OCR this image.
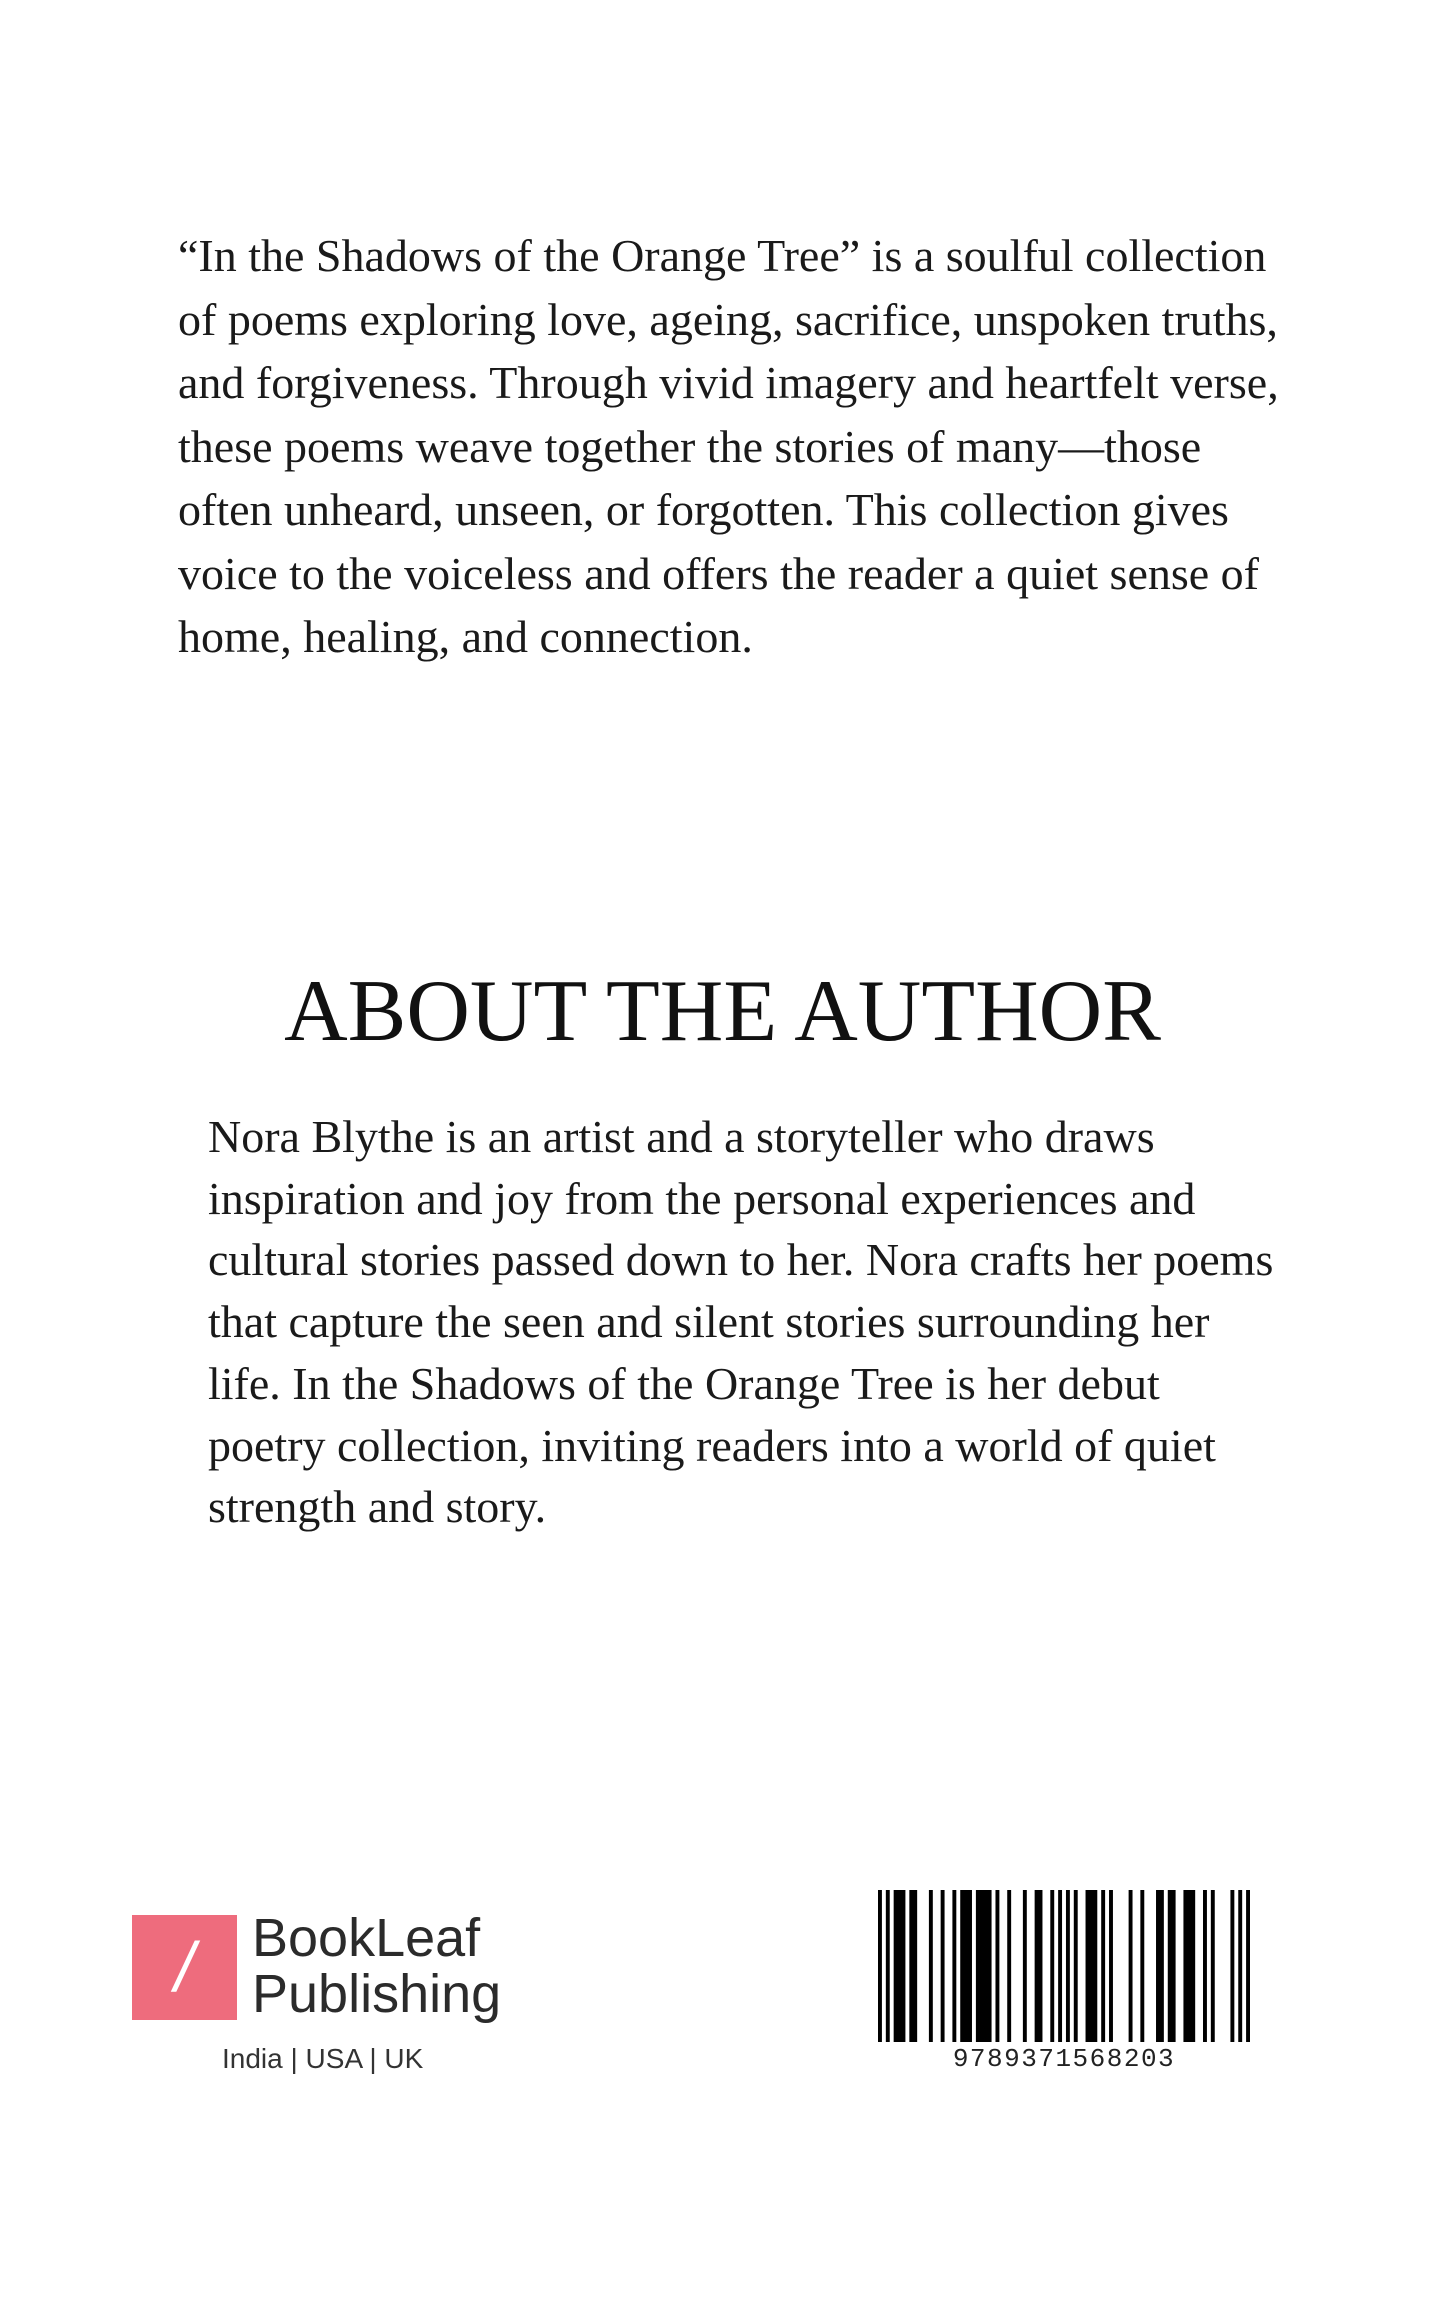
“In the Shadows of the Orange Tree” is a soulful collection of poems exploring love, ageing, sacrifice, unspoken truths, and forgiveness. Through vivid imagery and heartfelt verse, these poems weave together the stories of many—those often unheard, unseen, or forgotten. This collection gives voice to the voiceless and offers the reader a quiet sense of home, healing, and connection.

ABOUT THE AUTHOR

Nora Blythe is an artist and a storyteller who draws inspiration and joy from the personal experiences and cultural stories passed down to her. Nora crafts her poems that capture the seen and silent stories surrounding her life. In the Shadows of the Orange Tree is her debut poetry collection, inviting readers into a world of quiet strength and story.

/	BookLeaf
Publishing
India | USA | UK	9789371568203
